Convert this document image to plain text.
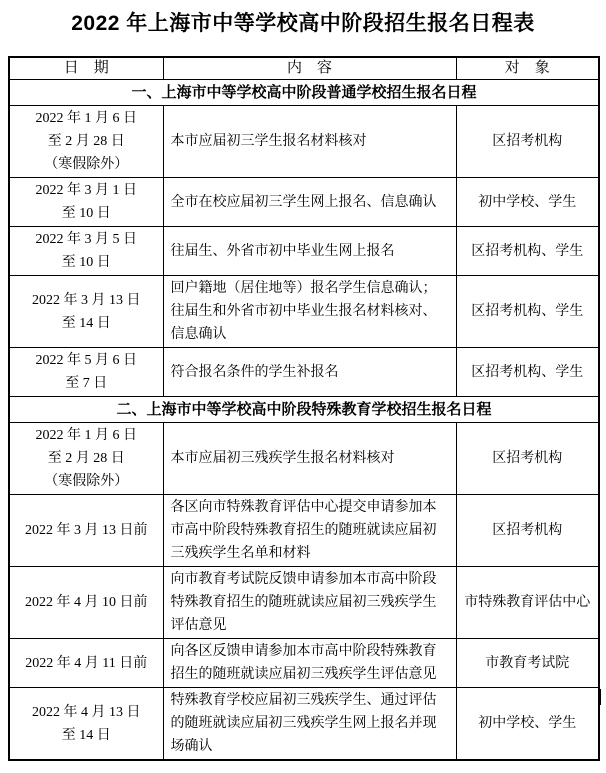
2022 年上海市中等学校高中阶段招生报名日程表
日　期	内　容	对　象
一、上海市中等学校高中阶段普通学校招生报名日程		

2022 年 1 月 6 日
至 2 月 28 日
（寒假除外）	本市应届初三学生报名材料核对	区招考机构

2022 年 3 月 1 日
至 10 日	全市在校应届初三学生网上报名、信息确认	初中学校、学生

2022 年 3 月 5 日
至 10 日	往届生、外省市初中毕业生网上报名	区招考机构、学生

2022 年 3 月 13 日
至 14 日	回户籍地（居住地等）报名学生信息确认；往届生和外省市初中毕业生报名材料核对、信息确认	区招考机构、学生

2022 年 5 月 6 日
至 7 日	符合报名条件的学生补报名	区招考机构、学生
二、上海市中等学校高中阶段特殊教育学校招生报名日程		

2022 年 1 月 6 日
至 2 月 28 日
（寒假除外）	本市应届初三残疾学生报名材料核对	区招考机构

2022 年 3 月 13 日前	各区向市特殊教育评估中心提交申请参加本市高中阶段特殊教育招生的随班就读应届初三残疾学生名单和材料	区招考机构

2022 年 4 月 10 日前	向市教育考试院反馈申请参加本市高中阶段特殊教育招生的随班就读应届初三残疾学生评估意见	市特殊教育评估中心

2022 年 4 月 11 日前	向各区反馈申请参加本市高中阶段特殊教育招生的随班就读应届初三残疾学生评估意见	市教育考试院

2022 年 4 月 13 日
至 14 日	特殊教育学校应届初三残疾学生、通过评估的随班就读应届初三残疾学生网上报名并现场确认	初中学校、学生
